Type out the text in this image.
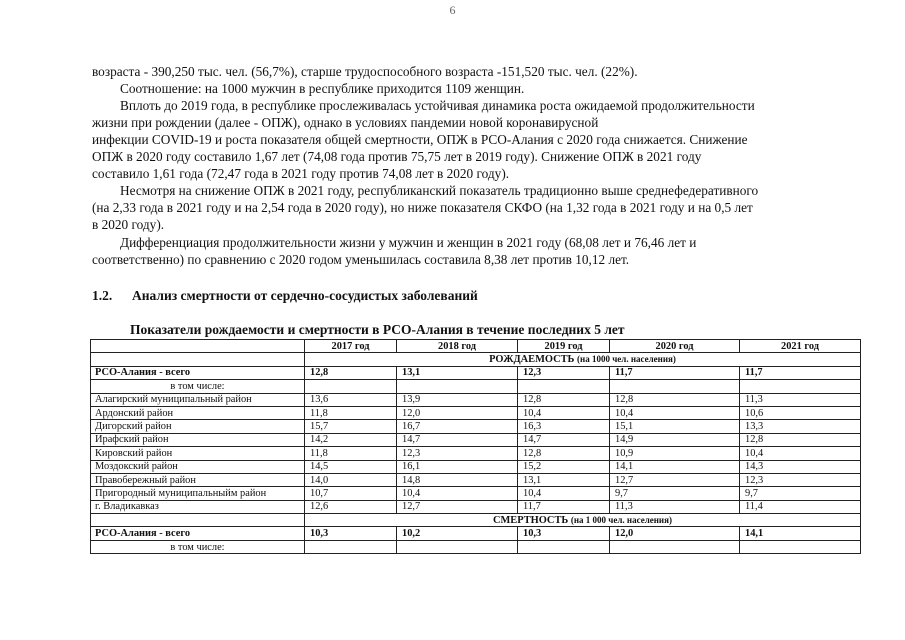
6

возраста - 390,250 тыс. чел. (56,7%), старше трудоспособного возраста -151,520 тыс. чел. (22%).

Соотношение: на 1000 мужчин в республике приходится 1109 женщин.

Вплоть до 2019 года, в республике прослеживалась устойчивая динамика роста ожидаемой продолжительности

жизни при рождении (далее - ОПЖ), однако в условиях пандемии новой коронавирусной

инфекции COVID-19 и роста показателя общей смертности, ОПЖ в РСО-Алания с 2020 года снижается. Снижение

ОПЖ в 2020 году составило 1,67 лет (74,08 года против 75,75 лет в 2019 году). Снижение ОПЖ в 2021 году

составило 1,61 года (72,47 года в 2021 году против 74,08 лет в 2020 году).

Несмотря на снижение ОПЖ в 2021 году, республиканский показатель традиционно выше среднефедеративного

(на 2,33 года в 2021 году и на 2,54 года в 2020 году), но ниже показателя СКФО (на 1,32 года в 2021 году и на 0,5 лет

в 2020 году).

Дифференциация продолжительности жизни у мужчин и женщин в 2021 году (68,08 лет и 76,46 лет и

соответственно) по сравнению с 2020 годом уменьшилась составила 8,38 лет против 10,12 лет.

1.2. Анализ смертности от сердечно-сосудистых заболеваний
Показатели рождаемости и смертности в РСО-Алания в течение последних 5 лет
	2017 год	2018 год	2019 год	2020 год	2021 год
	РОЖДАЕМОСТЬ (на 1000 чел. населения)				
РСО-Алания - всего	12,8	13,1	12,3	11,7	11,7
в том числе:					
Алагирский муниципальный район	13,6	13,9	12,8	12,8	11,3
Ардонский район	11,8	12,0	10,4	10,4	10,6
Дигорский район	15,7	16,7	16,3	15,1	13,3
Ирафский район	14,2	14,7	14,7	14,9	12,8
Кировский район	11,8	12,3	12,8	10,9	10,4
Моздокский район	14,5	16,1	15,2	14,1	14,3
Правобережный район	14,0	14,8	13,1	12,7	12,3
Пригородный муниципальныйм район	10,7	10,4	10,4	9,7	9,7
г. Владикавказ	12,6	12,7	11,7	11,3	11,4
	СМЕРТНОСТЬ (на 1 000 чел. населения)				
РСО-Алания - всего	10,3	10,2	10,3	12,0	14,1
в том числе:					
